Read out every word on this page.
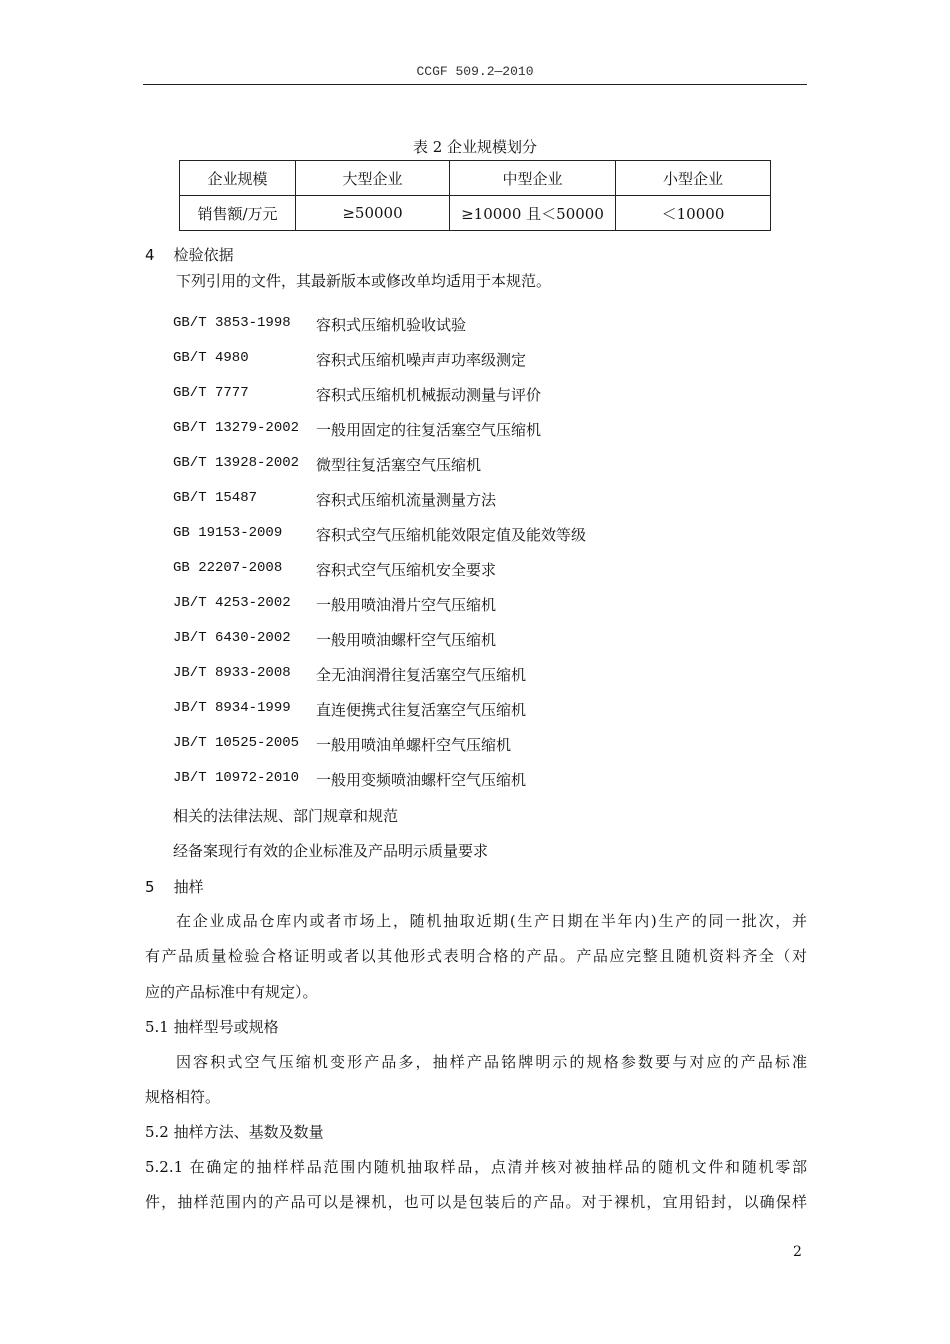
CCGF 509.2—2010
表 2 企业规模划分
企业规模	大型企业	中型企业	小型企业
销售额/万元	≥50000	≥10000 且＜50000	＜10000
4    检验依据
下列引用的文件，其最新版本或修改单均适用于本规范。
GB/T 3853-1998 容积式压缩机验收试验
GB/T 4980	容积式压缩机噪声声功率级测定
GB/T 7777	容积式压缩机机械振动测量与评价
GB/T 13279-2002 一般用固定的往复活塞空气压缩机
GB/T 13928-2002 微型往复活塞空气压缩机
GB/T 15487	容积式压缩机流量测量方法
GB 19153-2009 容积式空气压缩机能效限定值及能效等级
GB 22207-2008 容积式空气压缩机安全要求
JB/T 4253-2002 一般用喷油滑片空气压缩机
JB/T 6430-2002 一般用喷油螺杆空气压缩机
JB/T 8933-2008 全无油润滑往复活塞空气压缩机
JB/T 8934-1999 直连便携式往复活塞空气压缩机
JB/T 10525-2005 一般用喷油单螺杆空气压缩机
JB/T 10972-2010 一般用变频喷油螺杆空气压缩机
相关的法律法规、部门规章和规范
经备案现行有效的企业标准及产品明示质量要求
5    抽样
在企业成品仓库内或者市场上，随机抽取近期(生产日期在半年内)生产的同一批次，并
有产品质量检验合格证明或者以其他形式表明合格的产品。产品应完整且随机资料齐全（对
应的产品标准中有规定）。
5.1 抽样型号或规格
因容积式空气压缩机变形产品多，抽样产品铭牌明示的规格参数要与对应的产品标准
规格相符。
5.2 抽样方法、基数及数量
5.2.1 在确定的抽样样品范围内随机抽取样品，点清并核对被抽样品的随机文件和随机零部
件，抽样范围内的产品可以是裸机，也可以是包装后的产品。对于裸机，宜用铅封，以确保样
2
